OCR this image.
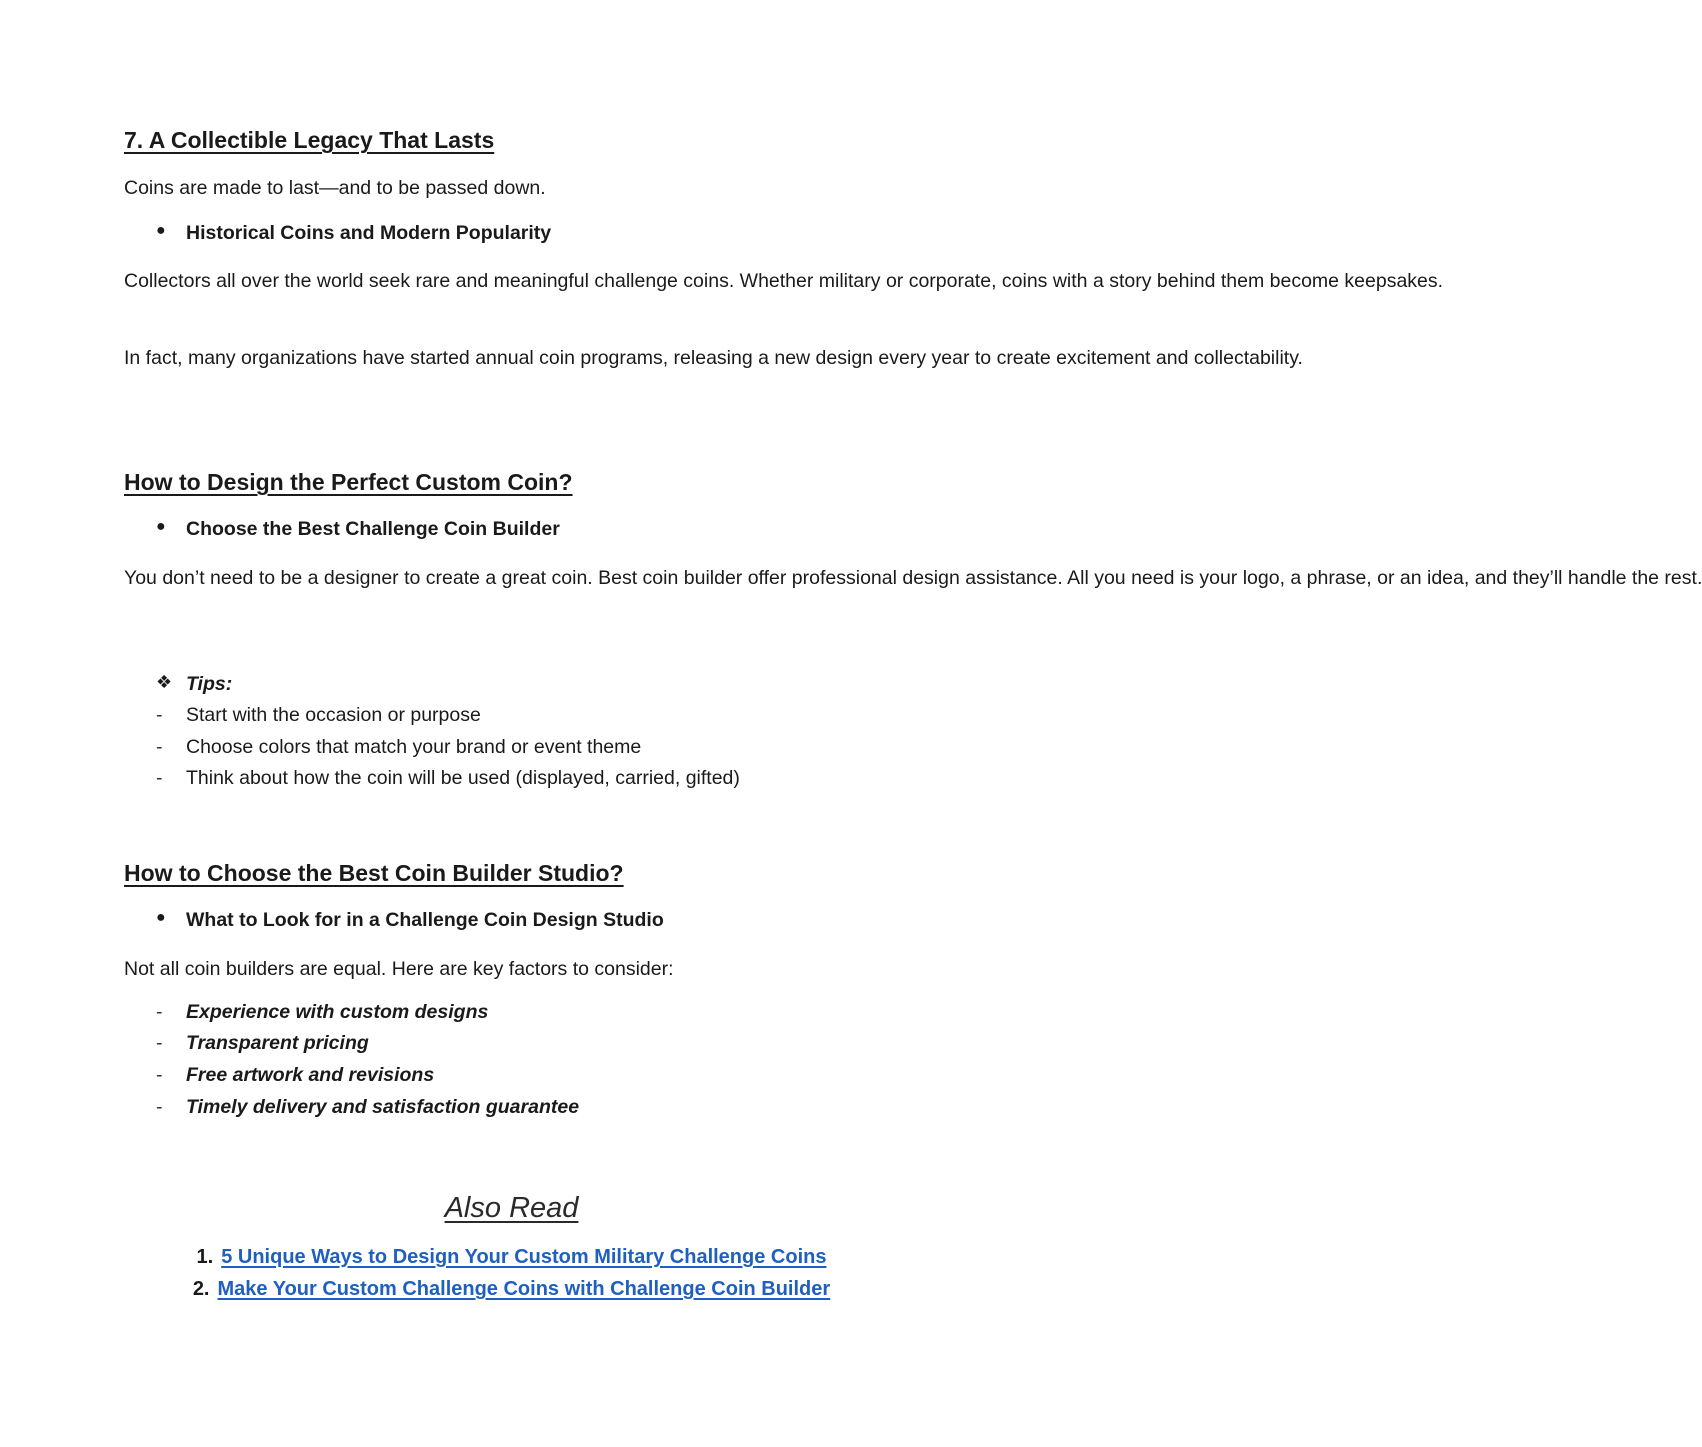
7. A Collectible Legacy That Lasts

Coins are made to last—and to be passed down.

● Historical Coins and Modern Popularity

Collectors all over the world seek rare and meaningful challenge coins. Whether military or corporate, coins with a story behind them become keepsakes.

In fact, many organizations have started annual coin programs, releasing a new design every year to create excitement and collectability.

How to Design the Perfect Custom Coin?
● Choose the Best Challenge Coin Builder

You don’t need to be a designer to create a great coin. Best coin builder offer professional design assistance. All you need is your logo, a phrase, or an idea, and they’ll handle the rest.

❖ Tips:
- Start with the occasion or purpose
- Choose colors that match your brand or event theme
- Think about how the coin will be used (displayed, carried, gifted)
How to Choose the Best Coin Builder Studio?
● What to Look for in a Challenge Coin Design Studio

Not all coin builders are equal. Here are key factors to consider:

- Experience with custom designs
- Transparent pricing
- Free artwork and revisions
- Timely delivery and satisfaction guarantee
Also Read
1. 5 Unique Ways to Design Your Custom Military Challenge Coins
2. Make Your Custom Challenge Coins with Challenge Coin Builder
